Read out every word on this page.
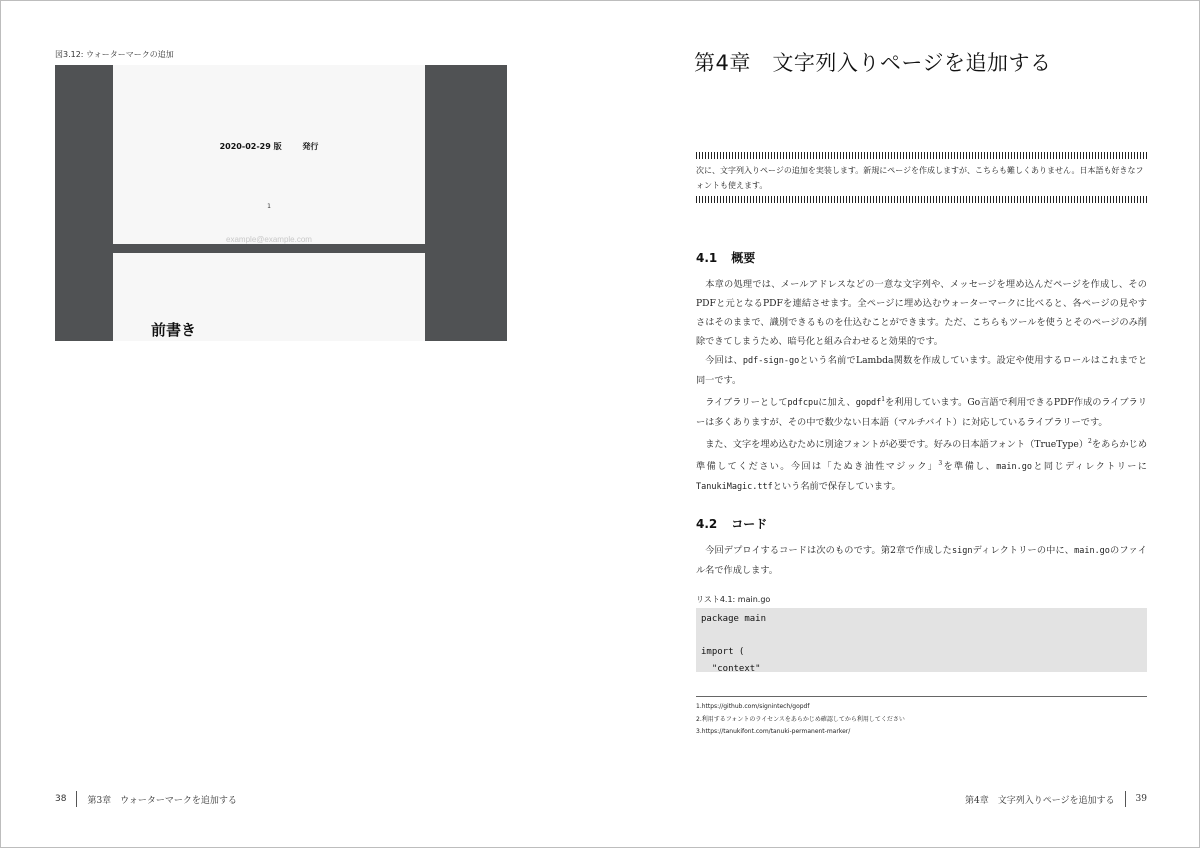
図3.12: ウォーターマークの追加
2020-02-29 版	発行
1
example@example.com
前書き
38 第3章　ウォーターマークを追加する
第4章　文字列入りページを追加する
次に、文字列入りページの追加を実装します。新規にページを作成しますが、こちらも難しくありません。日本語も好きなフォントも使えます。
4.1 概要

本章の処理では、メールアドレスなどの一意な文字列や、メッセージを埋め込んだページを作成し、そのPDFと元となるPDFを連結させます。全ページに埋め込むウォーターマークに比べると、各ページの見やすさはそのままで、識別できるものを仕込むことができます。ただ、こちらもツールを使うとそのページのみ削除できてしまうため、暗号化と組み合わせると効果的です。

今回は、pdf-sign-goという名前でLambda関数を作成しています。設定や使用するロールはこれまでと同一です。

ライブラリーとしてpdfcpuに加え、gopdf$^1$を利用しています。Go言語で利用できるPDF作成のライブラリーは多くありますが、その中で数少ない日本語（マルチバイト）に対応しているライブラリーです。

また、文字を埋め込むために別途フォントが必要です。好みの日本語フォント（TrueType）$^2$をあらかじめ準備してください。今回は「たぬき油性マジック」$^3$を準備し、main.goと同じディレクトリーにTanukiMagic.ttfという名前で保存しています。

4.2 コード

今回デプロイするコードは次のものです。第2章で作成したsignディレクトリーの中に、main.goのファイル名で作成します。

リスト4.1: main.go
package main

import (
"context"
1.https://github.com/signintech/gopdf
2.利用するフォントのライセンスをあらかじめ確認してから利用してください
3.https://tanukifont.com/tanuki-permanent-marker/
第4章　文字列入りページを追加する 39
